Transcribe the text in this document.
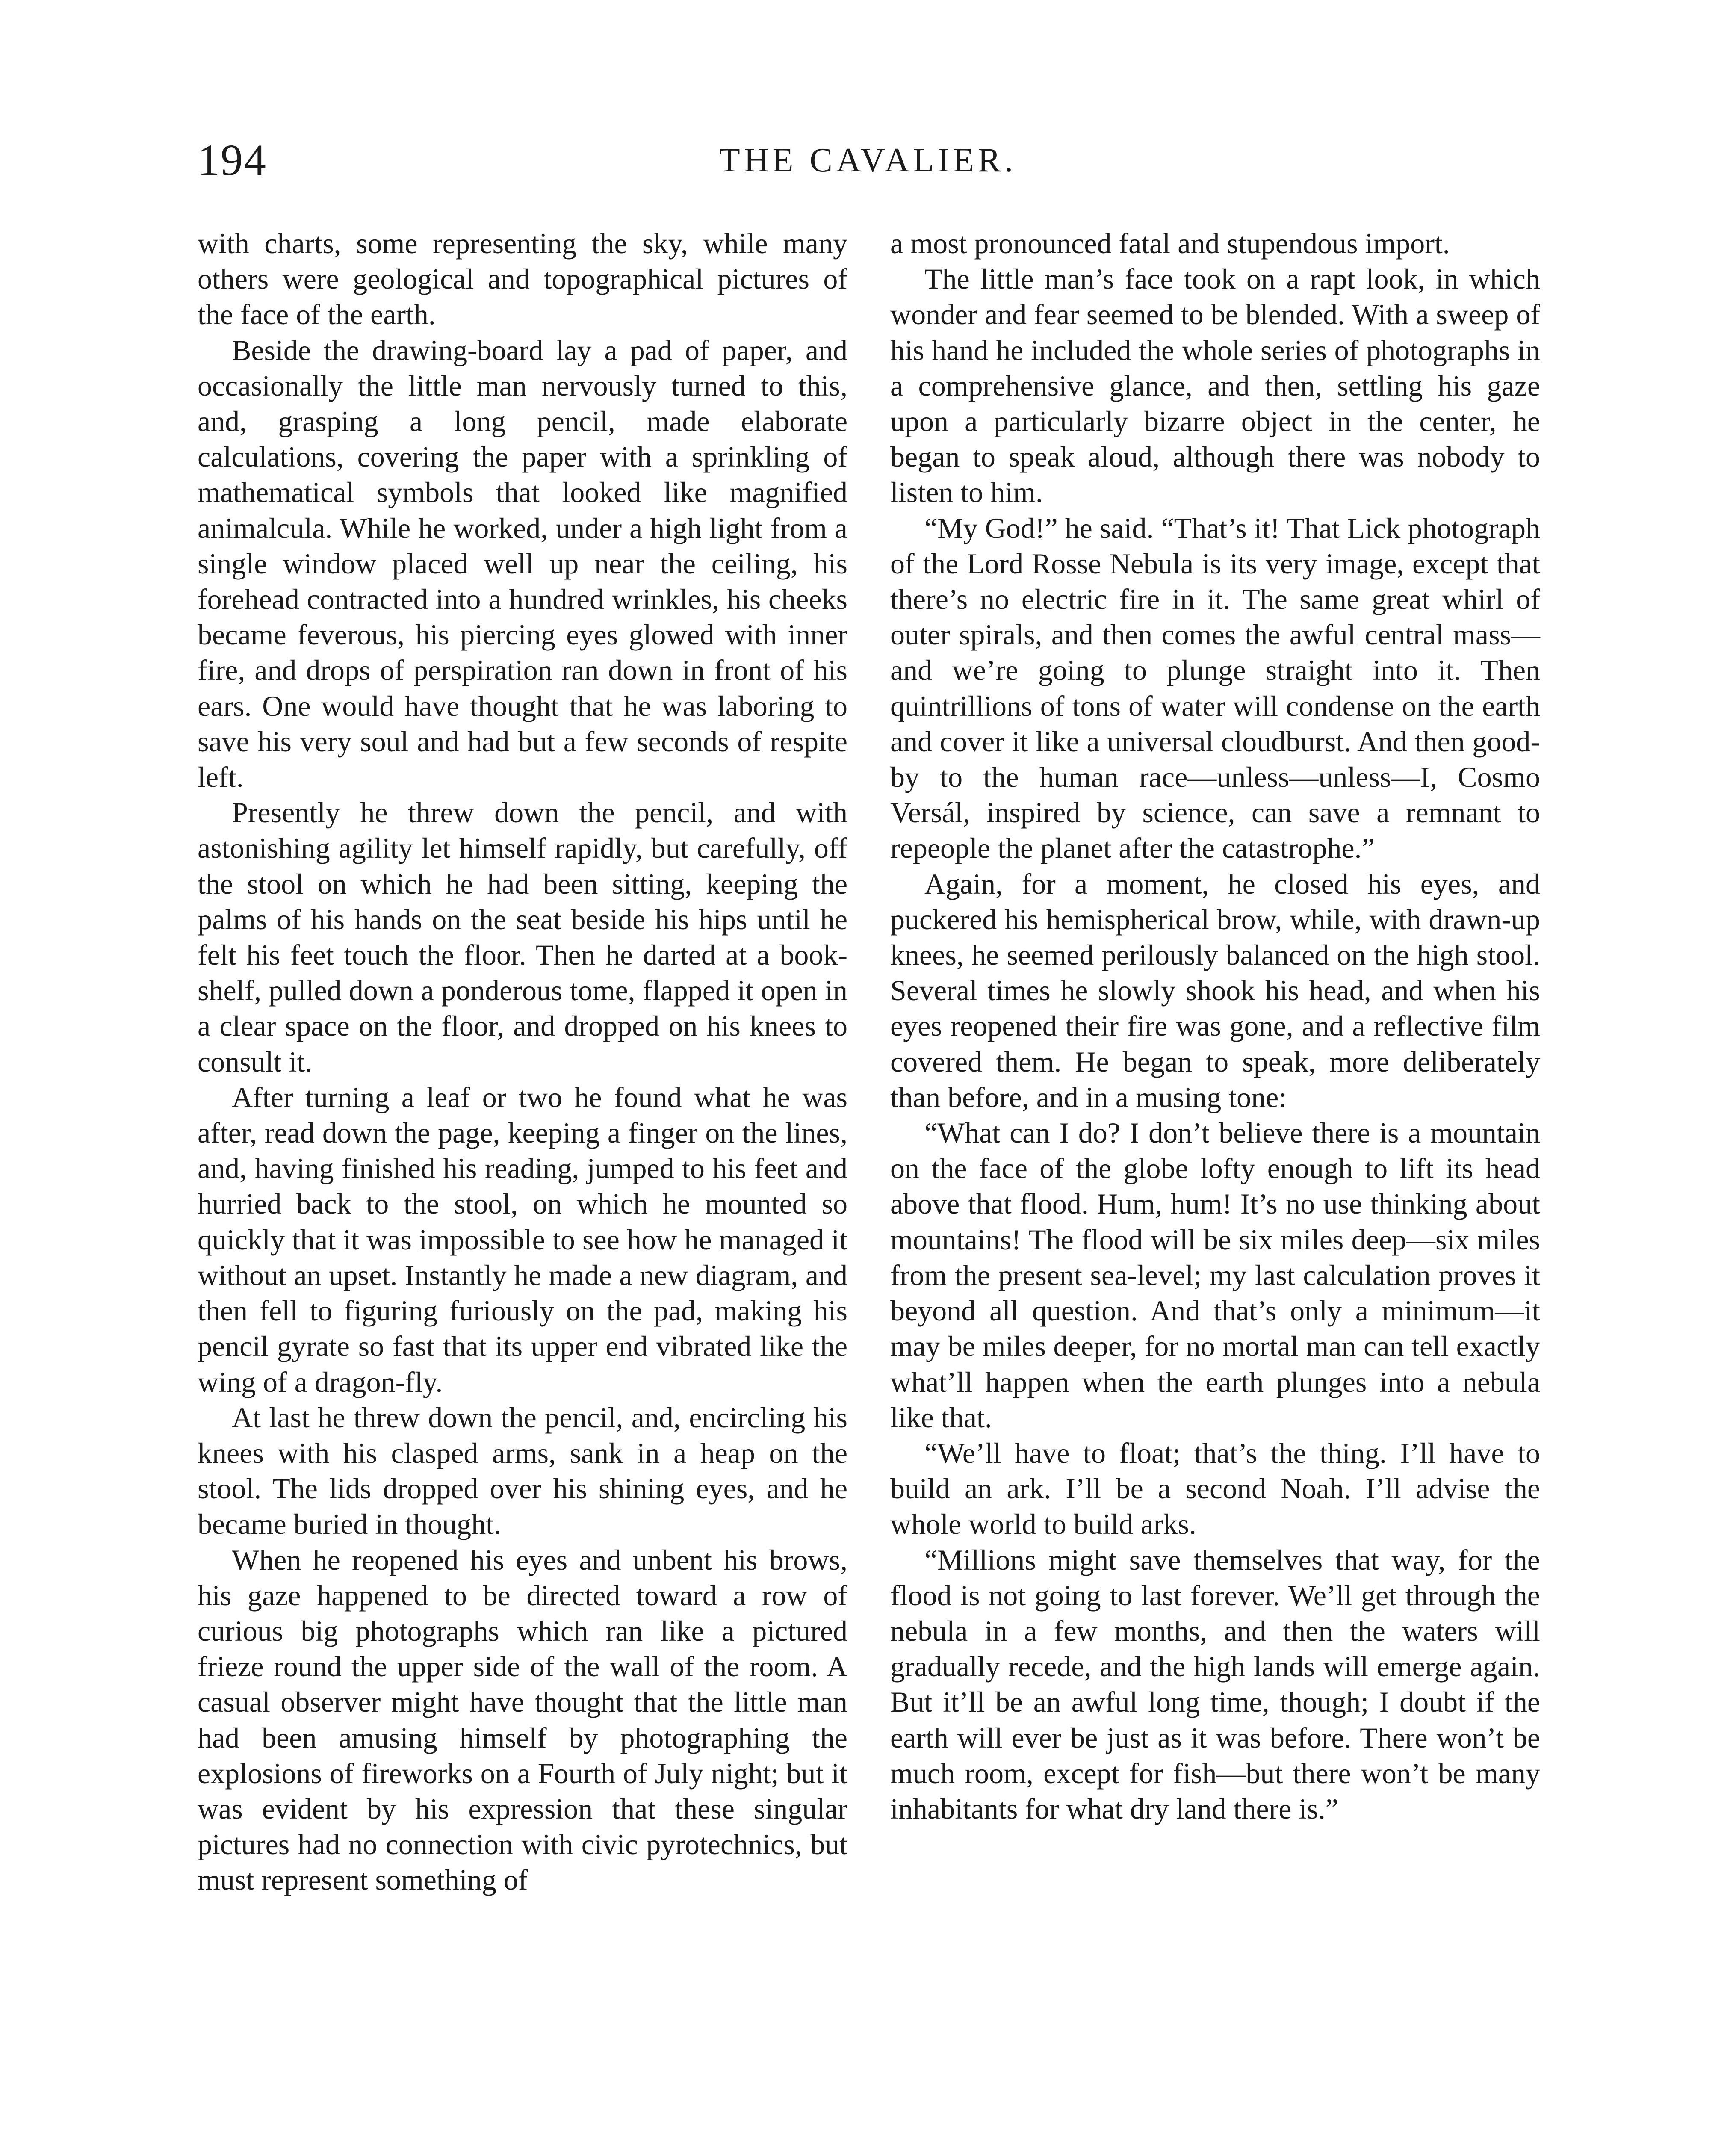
194	THE CAVALIER.

with charts, some representing the sky, while many others were geological and topographical pictures of the face of the earth.

Beside the drawing-board lay a pad of paper, and occasionally the little man nervously turned to this, and, grasping a long pencil, made elaborate calculations, covering the paper with a sprinkling of mathematical symbols that looked like magnified animalcula. While he worked, under a high light from a single window placed well up near the ceiling, his forehead contracted into a hundred wrinkles, his cheeks became feverous, his piercing eyes glowed with inner fire, and drops of perspiration ran down in front of his ears. One would have thought that he was laboring to save his very soul and had but a few seconds of respite left.

Presently he threw down the pencil, and with astonishing agility let himself rapidly, but carefully, off the stool on which he had been sitting, keeping the palms of his hands on the seat beside his hips until he felt his feet touch the floor. Then he darted at a book-shelf, pulled down a ponderous tome, flapped it open in a clear space on the floor, and dropped on his knees to consult it.

After turning a leaf or two he found what he was after, read down the page, keeping a finger on the lines, and, having finished his reading, jumped to his feet and hurried back to the stool, on which he mounted so quickly that it was impossible to see how he managed it without an upset. Instantly he made a new diagram, and then fell to figuring furiously on the pad, making his pencil gyrate so fast that its upper end vibrated like the wing of a dragon-fly.

At last he threw down the pencil, and, encircling his knees with his clasped arms, sank in a heap on the stool. The lids dropped over his shining eyes, and he became buried in thought.

When he reopened his eyes and unbent his brows, his gaze happened to be directed toward a row of curious big photographs which ran like a pictured frieze round the upper side of the wall of the room. A casual observer might have thought that the little man had been amusing himself by photographing the explosions of fireworks on a Fourth of July night; but it was evident by his expression that these singular pictures had no connection with civic pyrotechnics, but must represent something of

a most pronounced fatal and stupendous import.

The little man’s face took on a rapt look, in which wonder and fear seemed to be blended. With a sweep of his hand he included the whole series of photographs in a comprehensive glance, and then, settling his gaze upon a particularly bizarre object in the center, he began to speak aloud, although there was nobody to listen to him.

“My God!” he said. “That’s it! That Lick photograph of the Lord Rosse Nebula is its very image, except that there’s no electric fire in it. The same great whirl of outer spirals, and then comes the awful central mass—and we’re going to plunge straight into it. Then quintrillions of tons of water will condense on the earth and cover it like a universal cloudburst. And then good-by to the human race—unless—unless—I, Cosmo Versál, inspired by science, can save a remnant to repeople the planet after the catastrophe.”

Again, for a moment, he closed his eyes, and puckered his hemispherical brow, while, with drawn-up knees, he seemed perilously balanced on the high stool. Several times he slowly shook his head, and when his eyes reopened their fire was gone, and a reflective film covered them. He began to speak, more deliberately than before, and in a musing tone:

“What can I do? I don’t believe there is a mountain on the face of the globe lofty enough to lift its head above that flood. Hum, hum! It’s no use thinking about mountains! The flood will be six miles deep—six miles from the present sea-level; my last calculation proves it beyond all question. And that’s only a minimum—it may be miles deeper, for no mortal man can tell exactly what’ll happen when the earth plunges into a nebula like that.

“We’ll have to float; that’s the thing. I’ll have to build an ark. I’ll be a second Noah. I’ll advise the whole world to build arks.

“Millions might save themselves that way, for the flood is not going to last forever. We’ll get through the nebula in a few months, and then the waters will gradually recede, and the high lands will emerge again. But it’ll be an awful long time, though; I doubt if the earth will ever be just as it was before. There won’t be much room, except for fish—but there won’t be many inhabitants for what dry land there is.”
